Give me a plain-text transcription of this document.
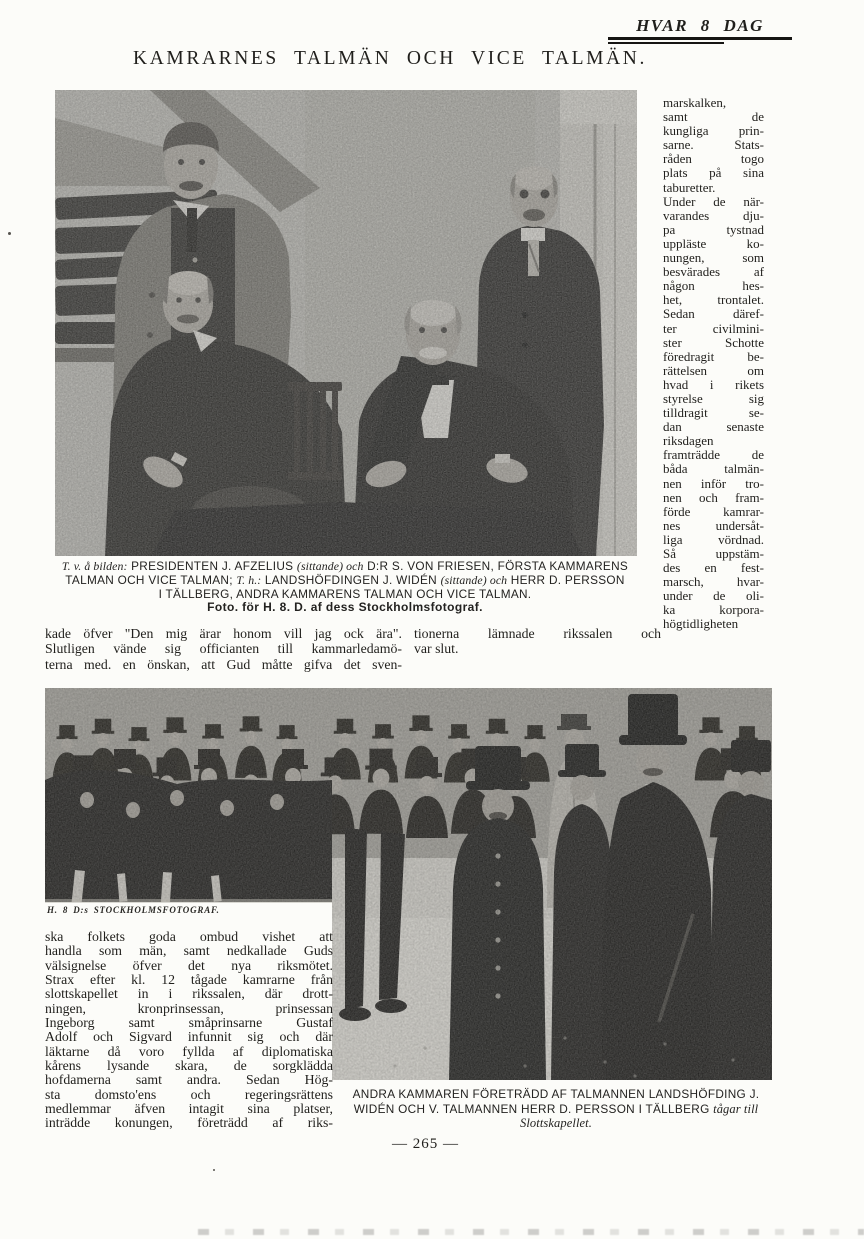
HVAR 8 DAG
KAMRARNES TALMÄN OCH VICE TALMÄN.
marskalken,
samt de
kungliga prin-
sarne. Stats-
råden togo
plats på sina
taburetter.
Under de när-
varandes dju-
pa tystnad
uppläste ko-
nungen, som
besvärades af
någon hes-
het, trontalet.
Sedan däref-
ter civilmini-
ster Schotte
föredragit be-
rättelsen om
hvad i rikets
styrelse sig
tilldragit se-
dan senaste
riksdagen
framträdde de
båda talmän-
nen inför tro-
nen och fram-
förde kamrar-
nes undersåt-
liga vördnad.
Så uppstäm-
des en fest-
marsch, hvar-
under de oli-
ka korpora-
högtidligheten
T. v. å bilden: PRESIDENTEN J. AFZELIUS (sittande) och D:R S. VON FRIESEN, FÖRSTA KAMMARENS
TALMAN OCH VICE TALMAN; T. h.: LANDSHÖFDINGEN J. WIDÉN (sittande) och HERR D. PERSSON
I TÄLLBERG, ANDRA KAMMARENS TALMAN OCH VICE TALMAN.
Foto. för H. 8. D. af dess Stockholmsfotograf.
kade öfver "Den mig ärar honom vill jag ock ära".
Slutligen vände sig officianten till kammarledamö-
terna med. en önskan, att Gud måtte gifva det sven-
tionerna lämnade rikssalen och
var slut.
H. 8 D:s STOCKHOLMSFOTOGRAF.
ska folkets goda ombud vishet att
handla som män, samt nedkallade Guds
välsignelse öfver det nya riksmötet.
Strax efter kl. 12 tågade kamrarne från
slottskapellet in i rikssalen, där drott-
ningen, kronprinsessan, prinsessan
Ingeborg samt småprinsarne Gustaf
Adolf och Sigvard infunnit sig och där
läktarne då voro fyllda af diplomatiska
kårens lysande skara, de sorgklädda
hofdamerna samt andra. Sedan Hög-
sta domsto'ens och regeringsrättens
medlemmar äfven intagit sina platser,
inträdde konungen, företrädd af riks-
ANDRA KAMMAREN FÖRETRÄDD AF TALMANNEN LANDSHÖFDING J.
WIDÉN OCH V. TALMANNEN HERR D. PERSSON I TÄLLBERG tågar till
Slottskapellet.
— 265 —
